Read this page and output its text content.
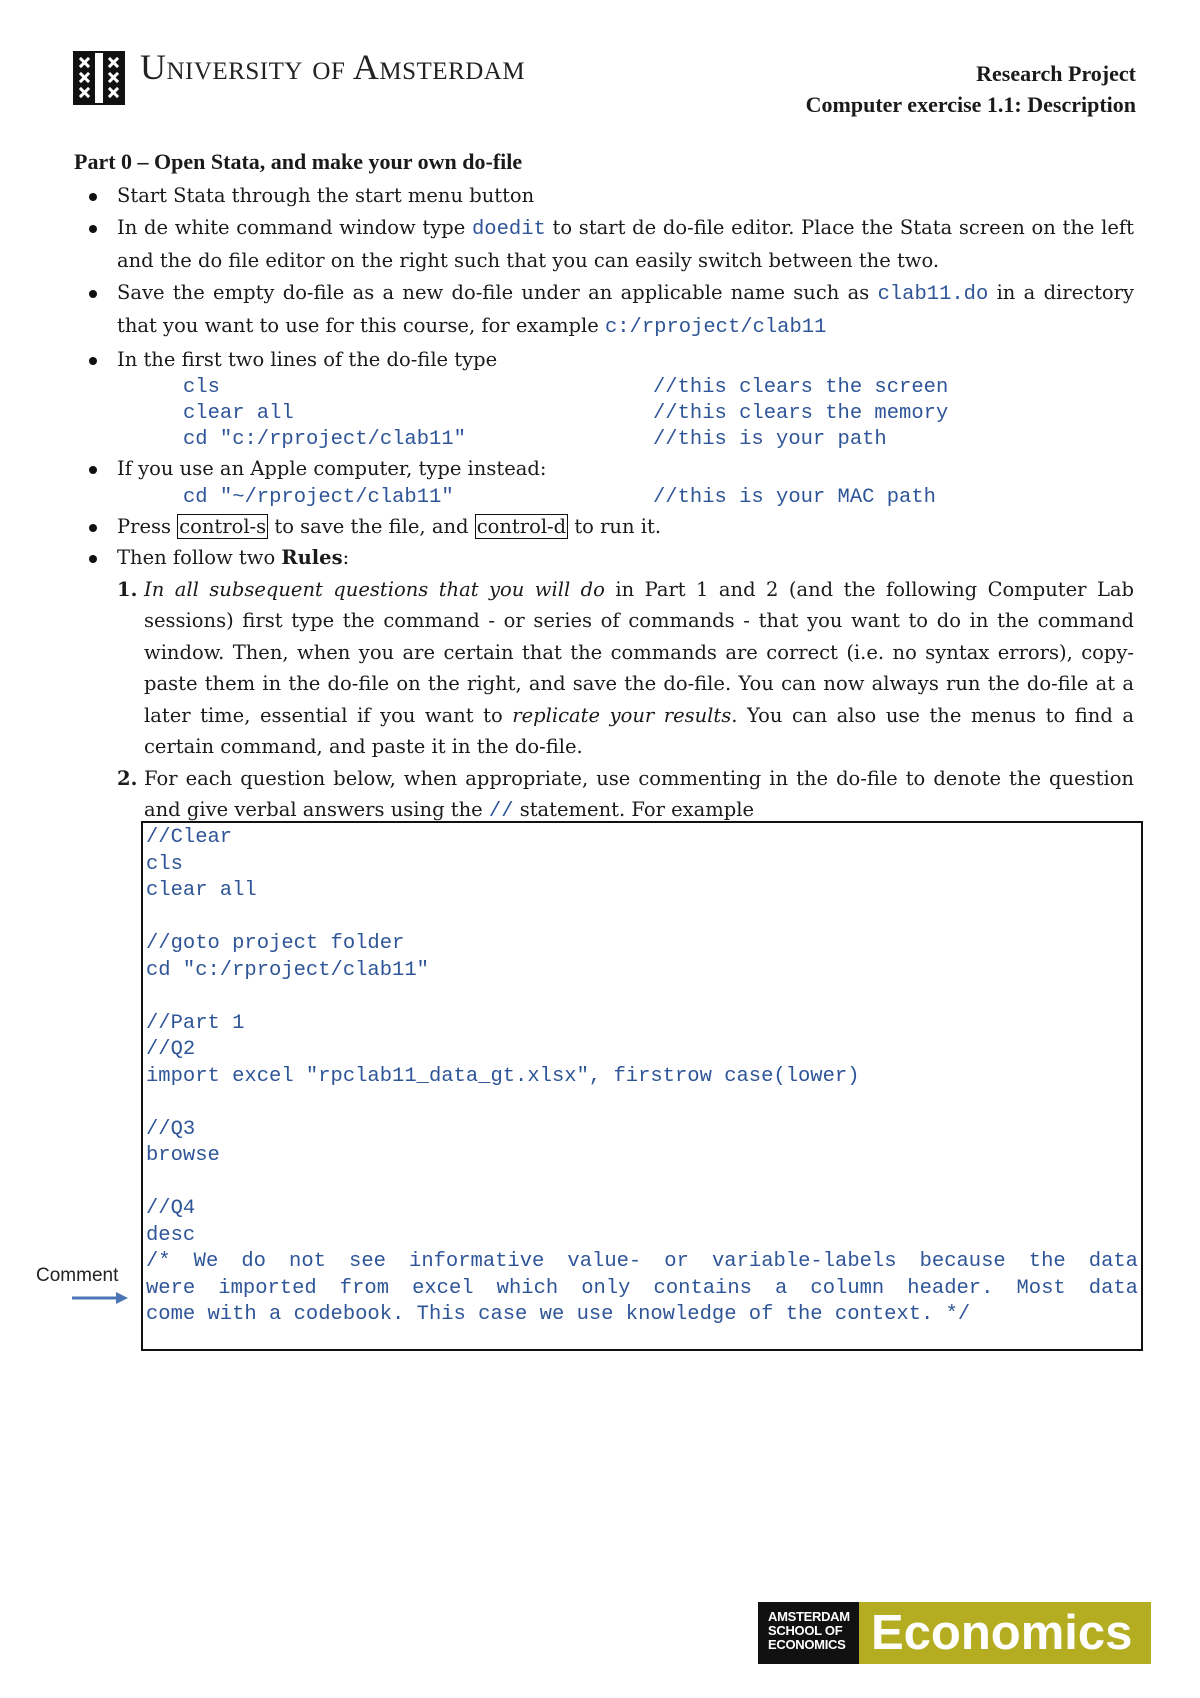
University of Amsterdam	Research Project
Computer exercise 1.1: Description
Part 0 – Open Stata, and make your own do-file
Start Stata through the start menu button
In de white command window type doedit to start de do-file editor. Place the Stata screen on the left and the do file editor on the right such that you can easily switch between the two.
Save the empty do-file as a new do-file under an applicable name such as clab11.do in a directory that you want to use for this course, for example c:/rproject/clab11
In the first two lines of the do-file type
cls	//this clears the screen
clear all	//this clears the memory
cd "c:/rproject/clab11"	//this is your path
If you use an Apple computer, type instead:
cd "~/rproject/clab11"	//this is your MAC path
Press control-s to save the file, and control-d to run it.
Then follow two Rules:
1. In all subsequent questions that you will do in Part 1 and 2 (and the following Computer Lab sessions) first type the command - or series of commands - that you want to do in the command window. Then, when you are certain that the commands are correct (i.e. no syntax errors), copy-paste them in the do-file on the right, and save the do-file. You can now always run the do-file at a later time, essential if you want to replicate your results. You can also use the menus to find a certain command, and paste it in the do-file.
2. For each question below, when appropriate, use commenting in the do-file to denote the question and give verbal answers using the // statement. For example
//Clear
cls
clear all
//goto project folder
cd "c:/rproject/clab11"
//Part 1
//Q2
import excel "rpclab11_data_gt.xlsx", firstrow case(lower)
//Q3
browse
//Q4
desc
/* We do not see informative value- or variable-labels because the data
were imported from excel which only contains a column header. Most data
come with a codebook. This case we use knowledge of the context. */
Comment
AMSTERDAM
SCHOOL OF
ECONOMICS Economics
